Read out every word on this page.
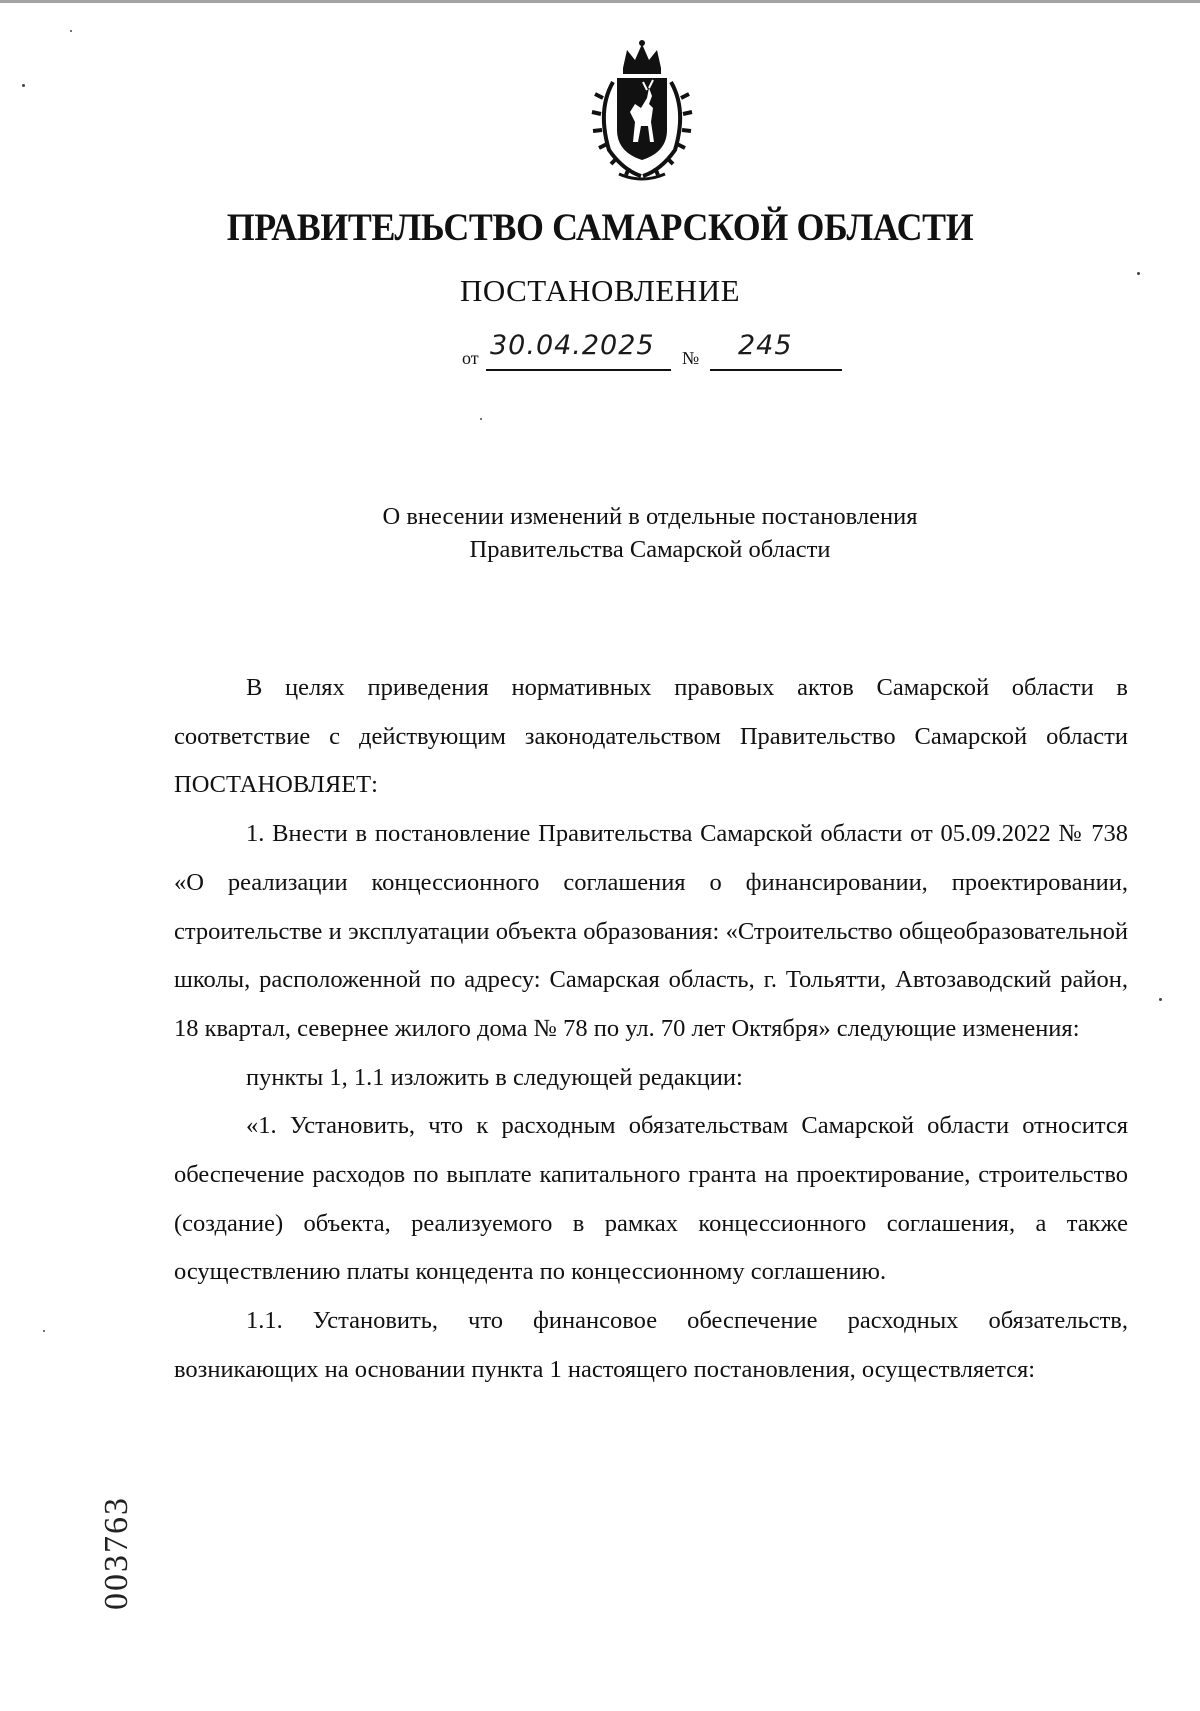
ПРАВИТЕЛЬСТВО САМАРСКОЙ ОБЛАСТИ
ПОСТАНОВЛЕНИЕ
от 30.04.2025 № 245
О внесении изменений в отдельные постановления
Правительства Самарской области

В целях приведения нормативных правовых актов Самарской области в соответствие с действующим законодательством Правительство Самарской области ПОСТАНОВЛЯЕТ:

1. Внести в постановление Правительства Самарской области от 05.09.2022 № 738 «О реализации концессионного соглашения о финансировании, проектировании, строительстве и эксплуатации объекта образования: «Строительство общеобразовательной школы, расположенной по адресу: Самарская область, г. Тольятти, Автозаводский район, 18 квартал, севернее жилого дома № 78 по ул. 70 лет Октября» следующие изменения:

пункты 1, 1.1 изложить в следующей редакции:

«1. Установить, что к расходным обязательствам Самарской области относится обеспечение расходов по выплате капитального гранта на проектирование, строительство (создание) объекта, реализуемого в рамках концессионного соглашения, а также осуществлению платы концедента по концессионному соглашению.

1.1. Установить, что финансовое обеспечение расходных обязательств, возникающих на основании пункта 1 настоящего постановления, осуществляется:

003763
